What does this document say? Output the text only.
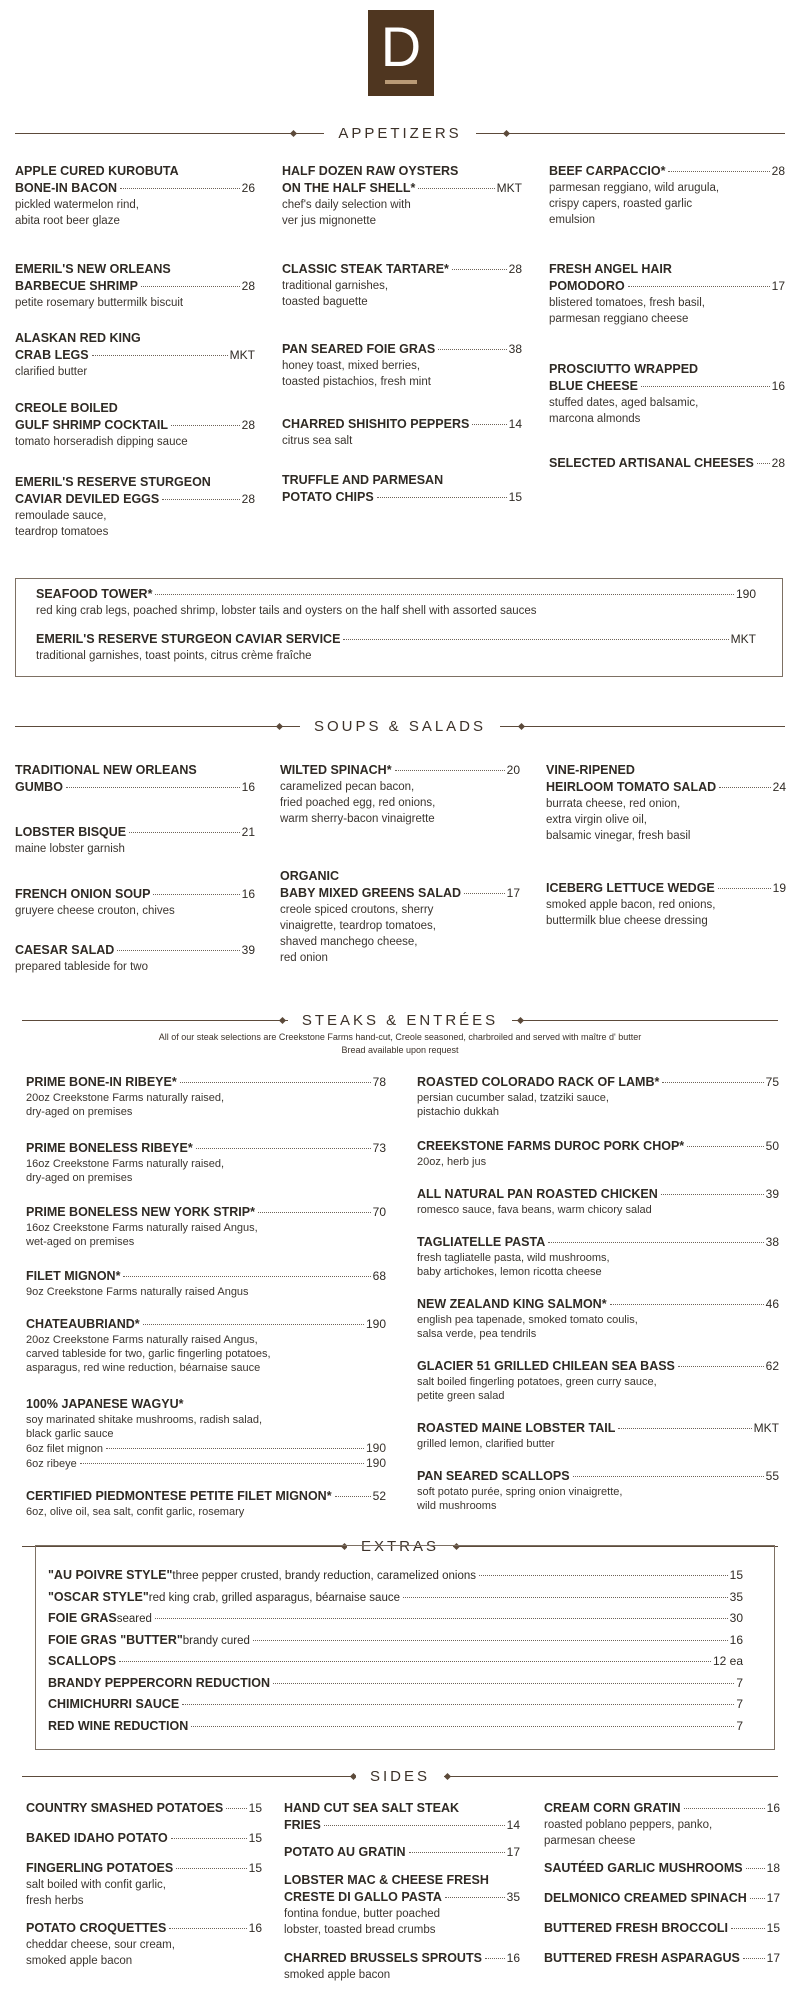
D
APPETIZERS
SOUPS & SALADS
STEAKS & ENTRÉES
All of our steak selections are Creekstone Farms hand-cut, Creole seasoned, charbroiled and served with maître d' butter
Bread available upon request
EXTRAS
SIDES
APPLE CURED KUROBUTA
BONE-IN BACON	26
pickled watermelon rind,
abita root beer glaze
EMERIL'S NEW ORLEANS
BARBECUE SHRIMP	28
petite rosemary buttermilk biscuit
ALASKAN RED KING
CRAB LEGS	MKT
clarified butter
CREOLE BOILED
GULF SHRIMP COCKTAIL	28
tomato horseradish dipping sauce
EMERIL'S RESERVE STURGEON
CAVIAR DEVILED EGGS	28
remoulade sauce,
teardrop tomatoes
HALF DOZEN RAW OYSTERS
ON THE HALF SHELL*	MKT
chef's daily selection with
ver jus mignonette
CLASSIC STEAK TARTARE*	28
traditional garnishes,
toasted baguette
PAN SEARED FOIE GRAS	38
honey toast, mixed berries,
toasted pistachios, fresh mint
CHARRED SHISHITO PEPPERS	14
citrus sea salt
TRUFFLE AND PARMESAN
POTATO CHIPS	15
BEEF CARPACCIO*	28
parmesan reggiano, wild arugula,
crispy capers, roasted garlic
emulsion
FRESH ANGEL HAIR
POMODORO	17
blistered tomatoes, fresh basil,
parmesan reggiano cheese
PROSCIUTTO WRAPPED
BLUE CHEESE	16
stuffed dates, aged balsamic,
marcona almonds
SELECTED ARTISANAL CHEESES 28
SEAFOOD TOWER*	190
red king crab legs, poached shrimp, lobster tails and oysters on the half shell with assorted sauces
EMERIL'S RESERVE STURGEON CAVIAR SERVICE	MKT
traditional garnishes, toast points, citrus crème fraîche
TRADITIONAL NEW ORLEANS
GUMBO	16
LOBSTER BISQUE	21
maine lobster garnish
FRENCH ONION SOUP	16
gruyere cheese crouton, chives
CAESAR SALAD	39
prepared tableside for two
WILTED SPINACH*	20
caramelized pecan bacon,
fried poached egg, red onions,
warm sherry-bacon vinaigrette
ORGANIC
BABY MIXED GREENS SALAD	17
creole spiced croutons, sherry
vinaigrette, teardrop tomatoes,
shaved manchego cheese,
red onion
VINE-RIPENED
HEIRLOOM TOMATO SALAD	24
burrata cheese, red onion,
extra virgin olive oil,
balsamic vinegar, fresh basil
ICEBERG LETTUCE WEDGE	19
smoked apple bacon, red onions,
buttermilk blue cheese dressing
PRIME BONE-IN RIBEYE*	78
20oz Creekstone Farms naturally raised,
dry-aged on premises
PRIME BONELESS RIBEYE*	73
16oz Creekstone Farms naturally raised,
dry-aged on premises
PRIME BONELESS NEW YORK STRIP*	70
16oz Creekstone Farms naturally raised Angus,
wet-aged on premises
FILET MIGNON*	68
9oz Creekstone Farms naturally raised Angus
CHATEAUBRIAND*	190
20oz Creekstone Farms naturally raised Angus,
carved tableside for two, garlic fingerling potatoes,
asparagus, red wine reduction, béarnaise sauce
100% JAPANESE WAGYU*
soy marinated shitake mushrooms, radish salad,
black garlic sauce
6oz filet mignon	190
6oz ribeye	190
CERTIFIED PIEDMONTESE PETITE FILET MIGNON*	52
6oz, olive oil, sea salt, confit garlic, rosemary
ROASTED COLORADO RACK OF LAMB*	75
persian cucumber salad, tzatziki sauce,
pistachio dukkah
CREEKSTONE FARMS DUROC PORK CHOP*	50
20oz, herb jus
ALL NATURAL PAN ROASTED CHICKEN	39
romesco sauce, fava beans, warm chicory salad
TAGLIATELLE PASTA	38
fresh tagliatelle pasta, wild mushrooms,
baby artichokes, lemon ricotta cheese
NEW ZEALAND KING SALMON*	46
english pea tapenade, smoked tomato coulis,
salsa verde, pea tendrils
GLACIER 51 GRILLED CHILEAN SEA BASS	62
salt boiled fingerling potatoes, green curry sauce,
petite green salad
ROASTED MAINE LOBSTER TAIL	MKT
grilled lemon, clarified butter
PAN SEARED SCALLOPS	55
soft potato purée, spring onion vinaigrette,
wild mushrooms
"AU POIVRE STYLE" three pepper crusted, brandy reduction, caramelized onions	15
"OSCAR STYLE" red king crab, grilled asparagus, béarnaise sauce	35
FOIE GRAS seared	30
FOIE GRAS "BUTTER" brandy cured	16
SCALLOPS	12 ea
BRANDY PEPPERCORN REDUCTION	7
CHIMICHURRI SAUCE	7
RED WINE REDUCTION	7
COUNTRY SMASHED POTATOES 15
BAKED IDAHO POTATO	15
FINGERLING POTATOES	15
salt boiled with confit garlic,
fresh herbs
POTATO CROQUETTES	16
cheddar cheese, sour cream,
smoked apple bacon
HAND CUT SEA SALT STEAK
FRIES	14
POTATO AU GRATIN	17
LOBSTER MAC & CHEESE FRESH
CRESTE DI GALLO PASTA	35
fontina fondue, butter poached
lobster, toasted bread crumbs
CHARRED BRUSSELS SPROUTS 16
smoked apple bacon
CREAM CORN GRATIN	16
roasted poblano peppers, panko,
parmesan cheese
SAUTÉED GARLIC MUSHROOMS 18
DELMONICO CREAMED SPINACH 17
BUTTERED FRESH BROCCOLI	15
BUTTERED FRESH ASPARAGUS 17
